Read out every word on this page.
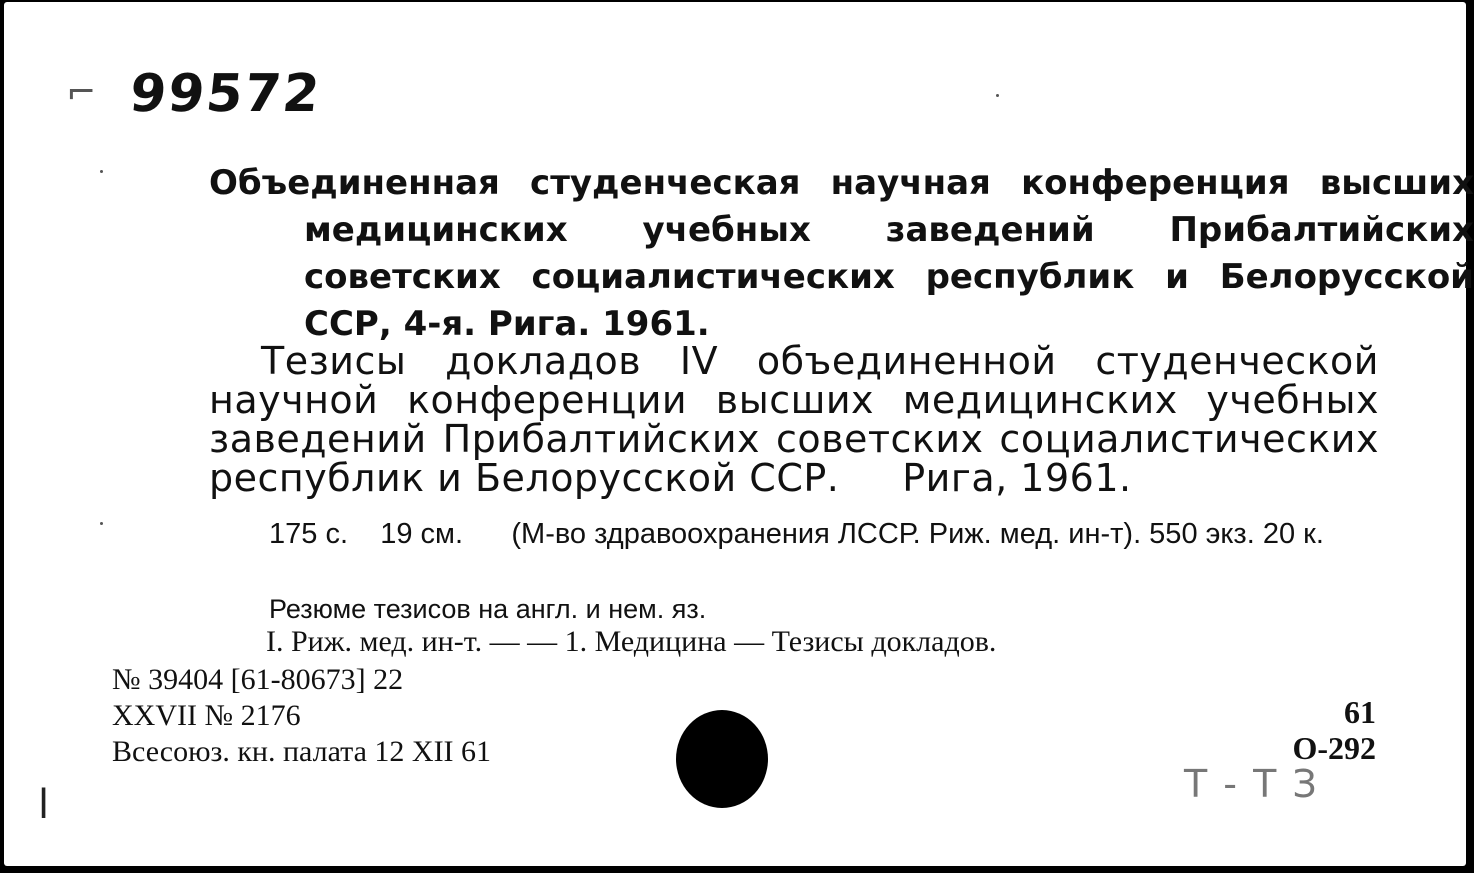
⌐ 99572

Объединенная студенческая научная конференция высших медицинских учебных заведений Прибалтийских советских социалистических республик и Белорусской ССР, 4-я. Рига. 1961.

Тезисы докладов IV объединенной студенческой научной конференции высших медицинских учебных заведений Прибалтийских советских социалистических республик и Белорусской ССР.     Рига, 1961.

175 с.    19 см.      (М-во здравоохранения ЛССР. Риж. мед. ин-т). 550 экз. 20 к.

Резюме тезисов на англ. и нем. яз.

I. Риж. мед. ин-т. — — 1. Медицина — Тезисы докладов.

№ 39404 [61-80673] 22
XXVII № 2176
Всесоюз. кн. палата 12 XII 61
61
О-292
Т - Т З
ⅼ
